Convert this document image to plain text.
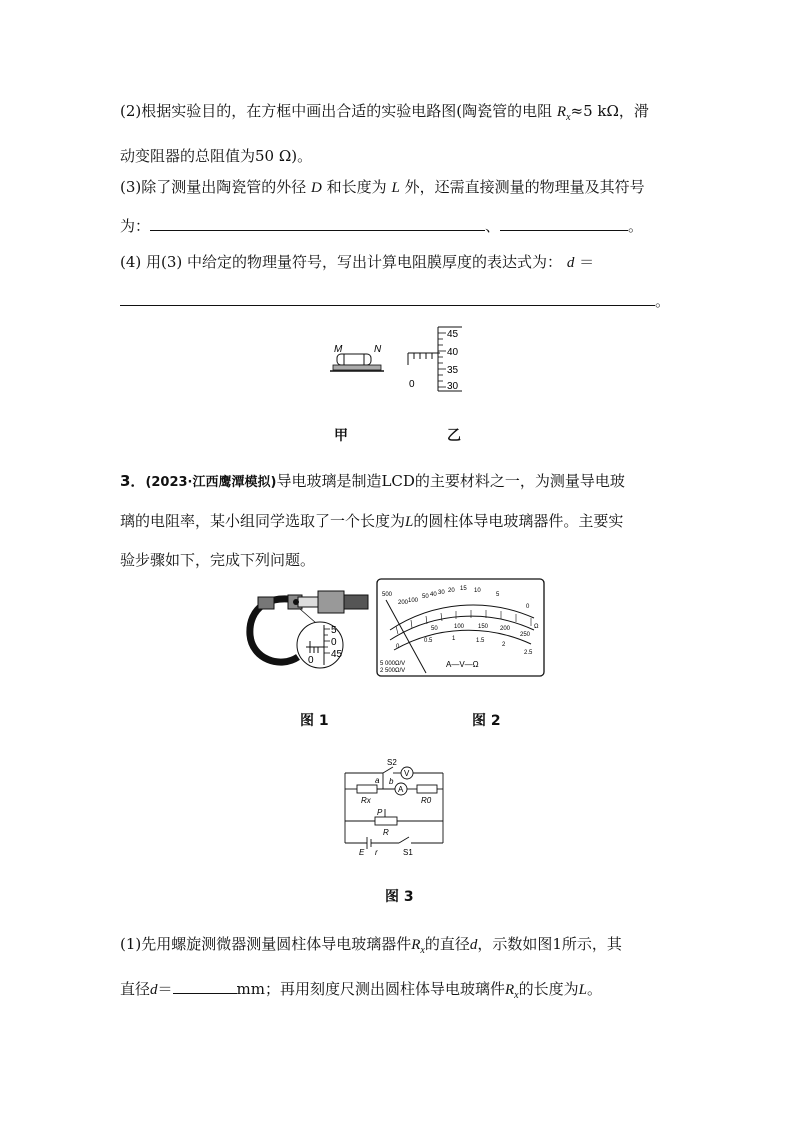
(2)根据实验目的，在方框中画出合适的实验电路图(陶瓷管的电阻 $R_x\approx 5$ kΩ，滑
动变阻器的总阻值为50 Ω)。
(3)除了测量出陶瓷管的外径 D 和长度为 L 外，还需直接测量的物理量及其符号
为：	、	。
(4) 用(3) 中给定的物理量符号，写出计算电阻膜厚度的表达式为： d ＝
。
M	N
45
40
35
30
0
甲	乙
3．(2023·江西鹰潭模拟)导电玻璃是制造LCD的主要材料之一，为测量导电玻
璃的电阻率，某小组同学选取了一个长度为L的圆柱体导电玻璃器件。主要实
验步骤如下，完成下列问题。
5
0
45
0
500
200 100
50 40 30 20 15 10
5
0
Ω
50	100 150 200
250
0
0.5	1	1.5
2
2.5
5 000Ω/V
2 500Ω/V
A—V—Ω
图 1	图 2
S2
V
a b
A
Rx	R0
P
R
E r	S1
图 3
(1)先用螺旋测微器测量圆柱体导电玻璃器件$R_x$的直径d，示数如图1所示，其
直径d＝	mm；再用刻度尺测出圆柱体导电玻璃件$R_x$的长度为L。
